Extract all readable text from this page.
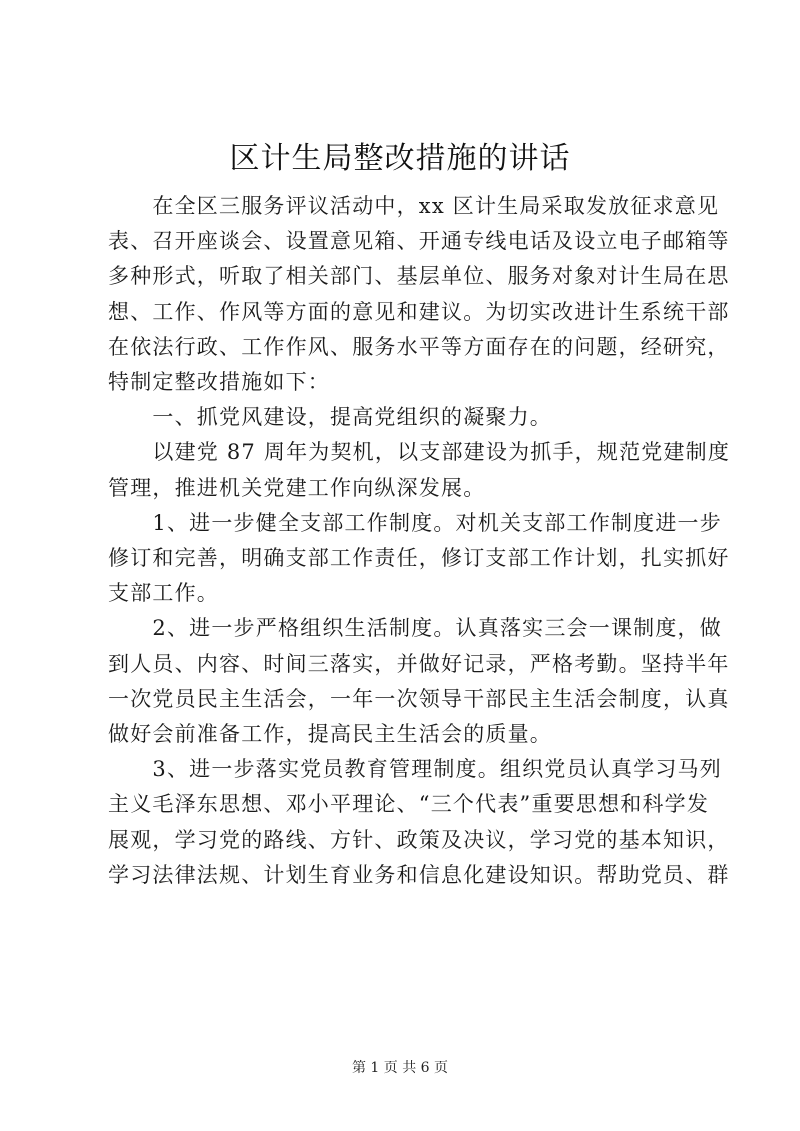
区计生局整改措施的讲话
　　在全区三服务评议活动中，xx 区计生局采取发放征求意见
表、召开座谈会、设置意见箱、开通专线电话及设立电子邮箱等
多种形式，听取了相关部门、基层单位、服务对象对计生局在思
想、工作、作风等方面的意见和建议。为切实改进计生系统干部
在依法行政、工作作风、服务水平等方面存在的问题，经研究，
特制定整改措施如下：
　　一、抓党风建设，提高党组织的凝聚力。
　　以建党 87 周年为契机，以支部建设为抓手，规范党建制度
管理，推进机关党建工作向纵深发展。
　　1、进一步健全支部工作制度。对机关支部工作制度进一步
修订和完善，明确支部工作责任，修订支部工作计划，扎实抓好
支部工作。
　　2、进一步严格组织生活制度。认真落实三会一课制度，做
到人员、内容、时间三落实，并做好记录，严格考勤。坚持半年
一次党员民主生活会，一年一次领导干部民主生活会制度，认真
做好会前准备工作，提高民主生活会的质量。
　　3、进一步落实党员教育管理制度。组织党员认真学习马列
主义毛泽东思想、邓小平理论、“三个代表”重要思想和科学发
展观，学习党的路线、方针、政策及决议，学习党的基本知识，
学习法律法规、计划生育业务和信息化建设知识。帮助党员、群
第 1 页 共 6 页
